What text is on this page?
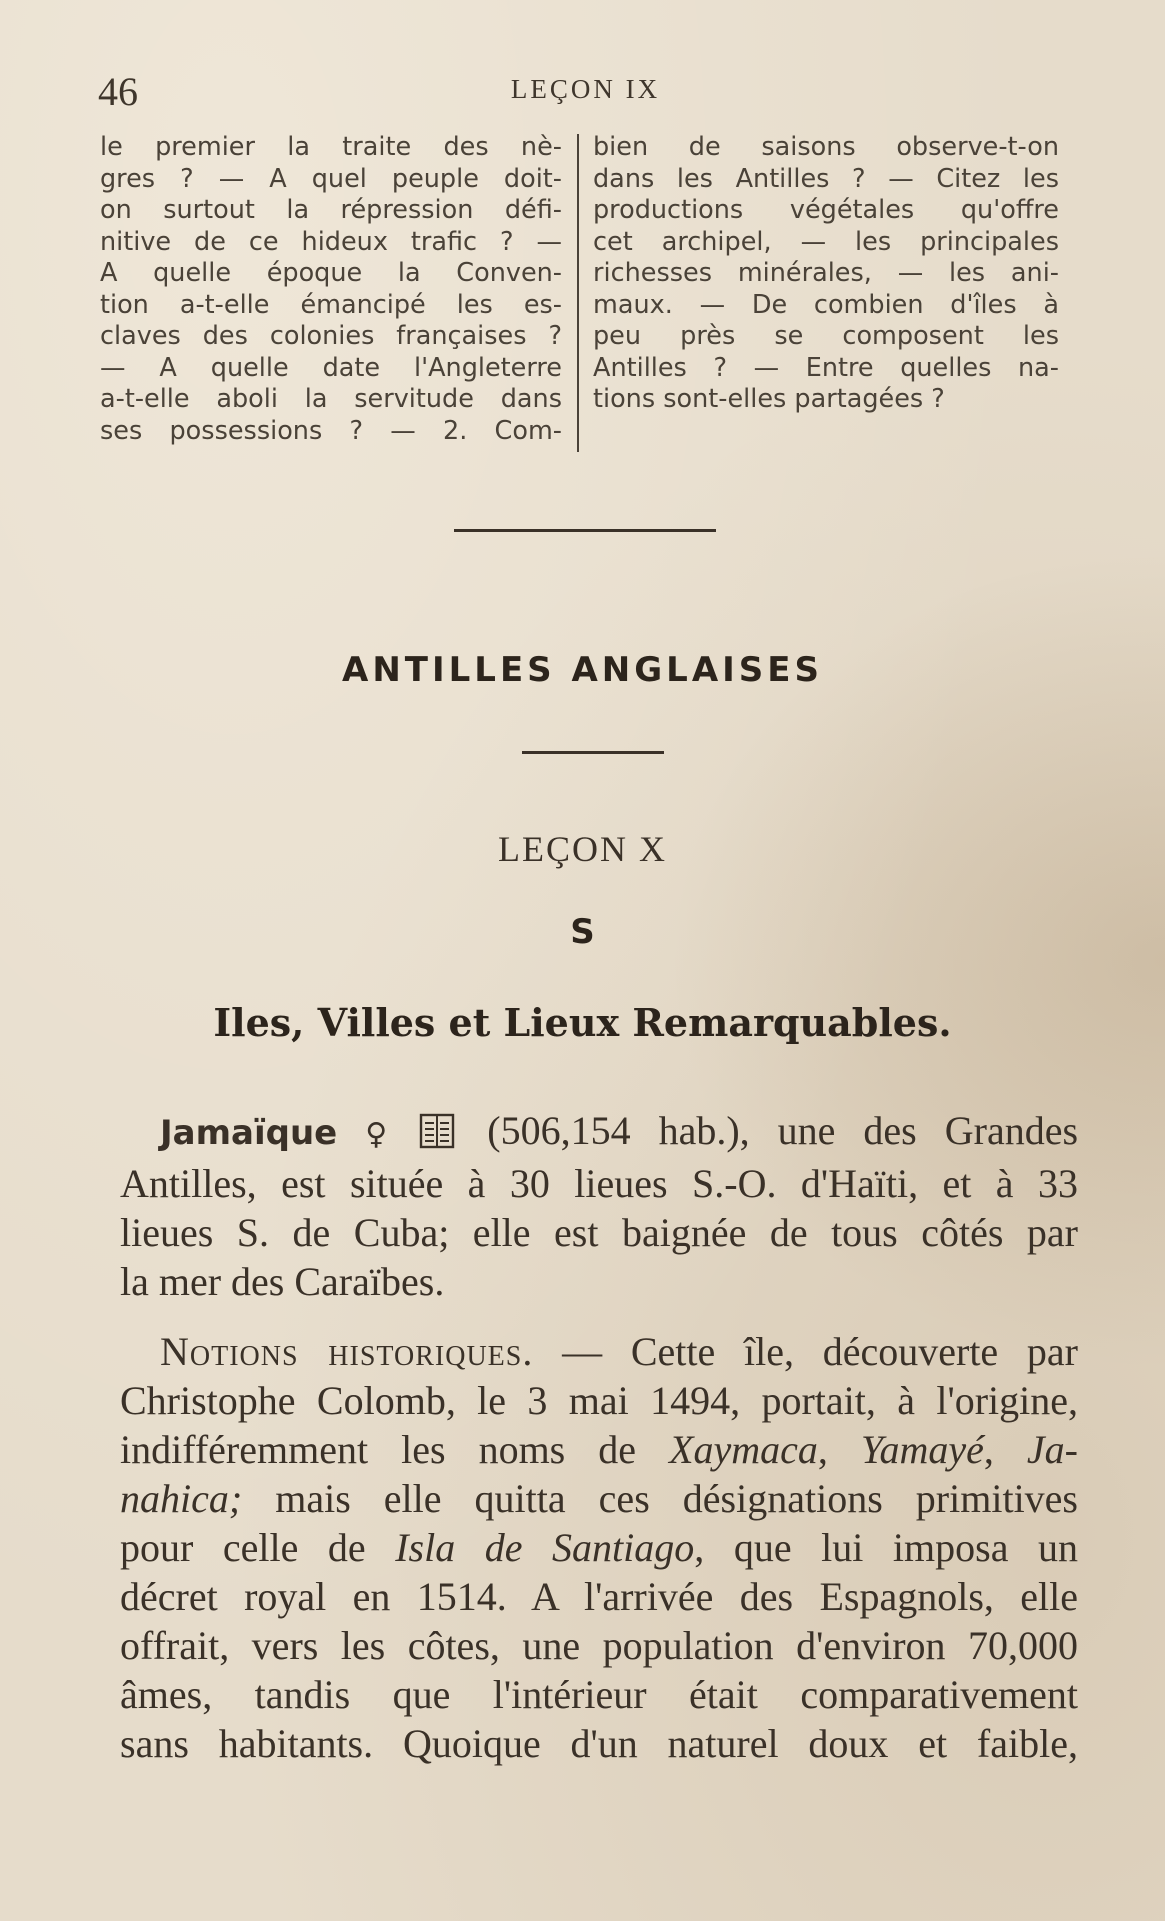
46	LEÇON IX
le premier la traite des nè-
gres ? — A quel peuple doit-
on surtout la répression défi-
nitive de ce hideux trafic ? —
A quelle époque la Conven-
tion a-t-elle émancipé les es-
claves des colonies françaises ?
— A quelle date l'Angleterre
a-t-elle aboli la servitude dans
ses possessions ? — 2. Com-
bien de saisons observe-t-on
dans les Antilles ? — Citez les
productions végétales qu'offre
cet archipel, — les principales
richesses minérales, — les ani-
maux. — De combien d'îles à
peu près se composent les
Antilles ? — Entre quelles na-
tions sont-elles partagées ?
ANTILLES ANGLAISES
LEÇON X
S
Iles, Villes et Lieux Remarquables.
Jamaïque ♀	(506,154 hab.), une des Grandes
Antilles, est située à 30 lieues S.-O. d'Haïti, et à 33
lieues S. de Cuba; elle est baignée de tous côtés par
la mer des Caraïbes.
Notions historiques. — Cette île, découverte par
Christophe Colomb, le 3 mai 1494, portait, à l'origine,
indifféremment les noms de Xaymaca, Yamayé, Ja-
nahica; mais elle quitta ces désignations primitives
pour celle de Isla de Santiago, que lui imposa un
décret royal en 1514. A l'arrivée des Espagnols, elle
offrait, vers les côtes, une population d'environ 70,000
âmes, tandis que l'intérieur était comparativement
sans habitants. Quoique d'un naturel doux et faible,
